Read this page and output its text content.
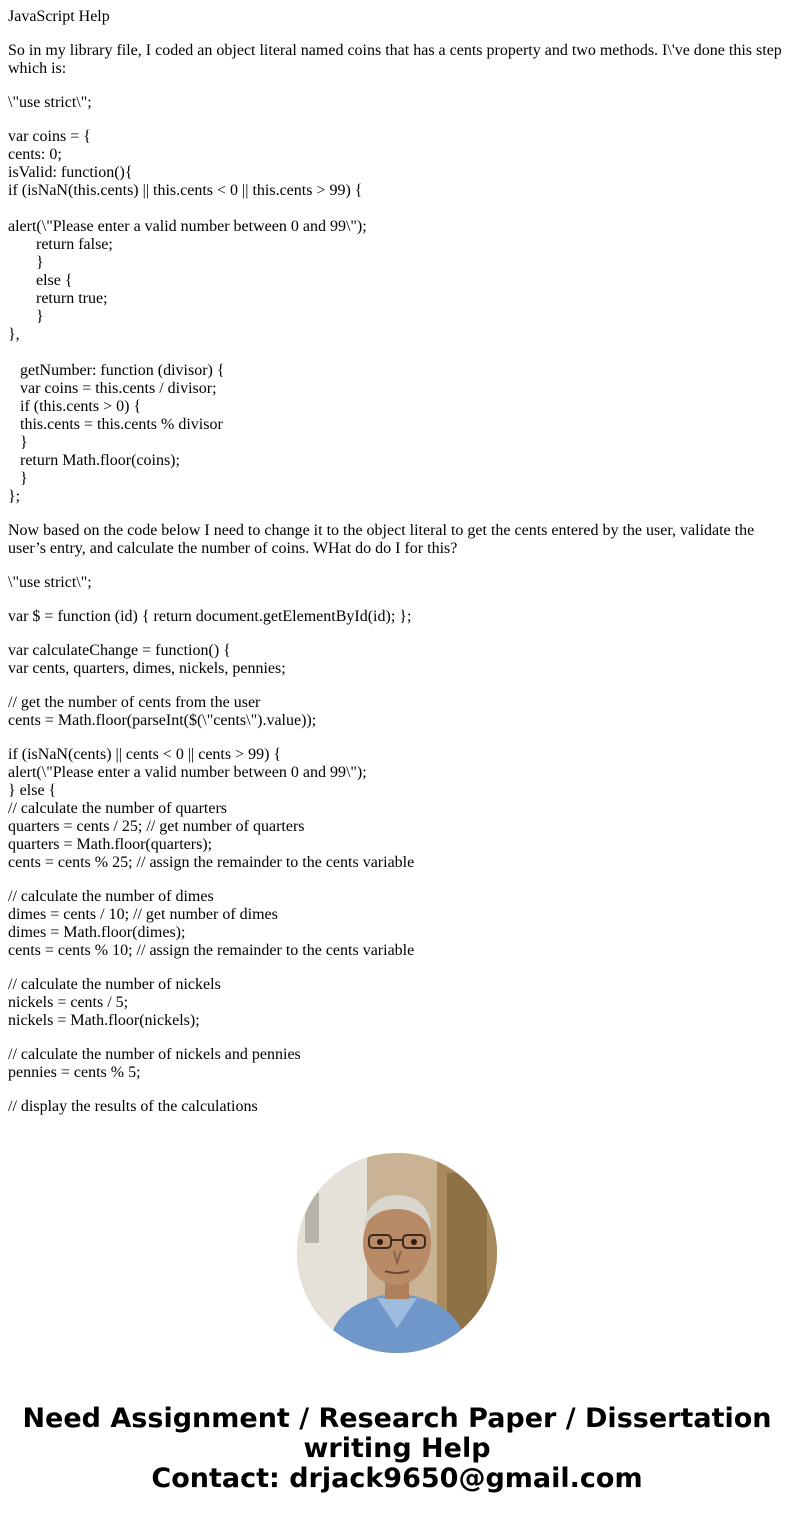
JavaScript Help

So in my library file, I coded an object literal named coins that has a cents property and two methods. I\'ve done this step which is:

\"use strict\";

var coins = {
cents: 0;
isValid: function(){
if (isNaN(this.cents) || this.cents < 0 || this.cents > 99) {

alert(\"Please enter a valid number between 0 and 99\");
return false;
}
else {
return true;
}
},

getNumber: function (divisor) {
var coins = this.cents / divisor;
if (this.cents > 0) {
this.cents = this.cents % divisor
}
return Math.floor(coins);
}
};

Now based on the code below I need to change it to the object literal to get the cents entered by the user, validate the user’s entry, and calculate the number of coins. WHat do do I for this?

\"use strict\";

var $ = function (id) { return document.getElementById(id); };

var calculateChange = function() {
var cents, quarters, dimes, nickels, pennies;

// get the number of cents from the user
cents = Math.floor(parseInt($(\"cents\").value));

if (isNaN(cents) || cents < 0 || cents > 99) {
alert(\"Please enter a valid number between 0 and 99\");
} else {
// calculate the number of quarters
quarters = cents / 25; // get number of quarters
quarters = Math.floor(quarters);
cents = cents % 25; // assign the remainder to the cents variable

// calculate the number of dimes
dimes = cents / 10; // get number of dimes
dimes = Math.floor(dimes);
cents = cents % 10; // assign the remainder to the cents variable

// calculate the number of nickels
nickels = cents / 5;
nickels = Math.floor(nickels);

// calculate the number of nickels and pennies
pennies = cents % 5;

// display the results of the calculations

Need Assignment / Research Paper / Dissertation
writing Help
Contact: drjack9650@gmail.com
